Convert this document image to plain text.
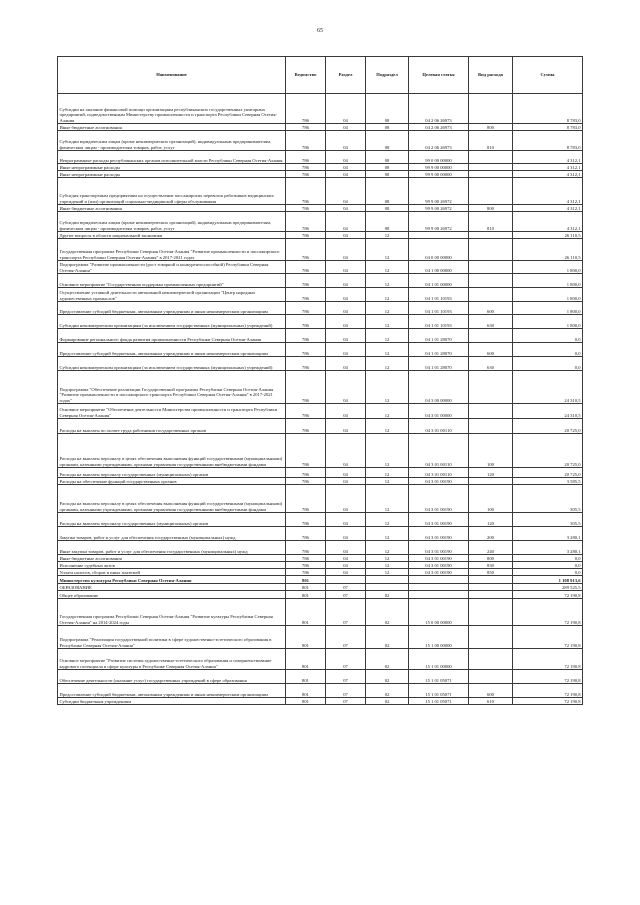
65
Наименование	Ведомство	Раздел	Подраздел	Целевая статья	Вид расхода	Сумма
Субсидии на оказание финансовой помощи организациям республиканских государственных унитарных предприятий, подведомственным Министерству промышленности и транспорта Республики Северная Осетия-Алания	786	04	08	04 2 06 26973		8 783,0
Иные бюджетные ассигнования	786	04	08	04 2 06 26973	800	8 783,0
Субсидии юридическим лицам (кроме некоммерческих организаций), индивидуальным предпринимателям, физическим лицам - производителям товаров, работ, услуг	786	04	08	04 2 06 26973	810	8 783,0
Непрограммные расходы республиканских органов исполнительной власти Республики Северная Осетия-Алания	786	04	08	99 0 00 00000		4 312,1
Иные непрограммные расходы	786	04	08	99 9 00 00000		4 312,1
Иные непрограммные расходы	786	04	08	99 9 00 00000		4 312,1
Субсидия транспортным предприятиям на осуществление пассажирских перевозок работников медицинских учреждений и (или) организаций социально-медицинской сферы обслуживания	786	04	08	99 9 00 26972		4 312,1
Иные бюджетные ассигнования	786	04	08	99 9 00 26972	800	4 312,1
Субсидии юридическим лицам (кроме некоммерческих организаций), индивидуальным предпринимателям, физическим лицам - производителям товаров, работ, услуг	786	04	08	99 9 00 26972	810	4 312,1
Другие вопросы в области национальной экономики	786	04	12			26 110,5
Государственная программа Республики Северная Осетия-Алания "Развитие промышленности и пассажирского транспорта Республики Северная Осетия-Алания" в 2017-2021 годах	786	04	12	04 0 00 00000		26 110,5
Подпрограмма "Развитие промышленности (рост товарной и конкурентоспособной) Республики Северная Осетия-Алания"	786	04	12	04 1 00 00000		1 800,0
Основное мероприятие "Государственная поддержка промышленных предприятий"	786	04	12	04 1 01 00000		1 800,0
Осуществление уставной деятельности автономной некоммерческой организации "Центр народных художественных промыслов"	786	04	12	04 1 01 10193		1 800,0
Предоставление субсидий бюджетным, автономным учреждениям и иным некоммерческим организациям	786	04	12	04 1 01 10193	600	1 800,0
Субсидии некоммерческим организациям (за исключением государственных (муниципальных) учреждений)	786	04	12	04 1 01 10193	630	1 800,0
Формирование регионального фонда развития промышленности Республики Северная Осетия-Алания	786	04	12	04 1 01 28070		0,0
Предоставление субсидий бюджетным, автономным учреждениям и иным некоммерческим организациям	786	04	12	04 1 01 28070	600	0,0
Субсидии некоммерческим организациям (за исключением государственных (муниципальных) учреждений)	786	04	12	04 1 01 28070	630	0,0
Подпрограмма "Обеспечение реализации Государственной программы Республики Северная Осетия-Алания "Развитие промышленности и пассажирского транспорта Республики Северная Осетия-Алания" в 2017-2021 годах"	786	04	12	04 3 00 00000		24 310,5
Основное мероприятие "Обеспечение деятельности Министерства промышленности и транспорта Республики Северная Осетия-Алания"	786	04	12	04 3 01 00000		24 310,5
Расходы на выплаты по оплате труда работников государственных органов	786	04	12	04 3 01 00110		20 725,0
Расходы на выплаты персоналу в целях обеспечения выполнения функций государственными (муниципальными) органами, казенными учреждениями, органами управления государственными внебюджетными фондами	786	04	12	04 3 01 00110	100	20 725,0
Расходы на выплаты персоналу государственных (муниципальных) органов	786	04	12	04 3 01 00110	120	20 725,0
Расходы на обеспечение функций государственных органов	786	04	12	04 3 01 00190		3 585,5
Расходы на выплаты персоналу в целях обеспечения выполнения функций государственными (муниципальными) органами, казенными учреждениями, органами управления государственными внебюджетными фондами	786	04	12	04 3 01 00190	100	305,5
Расходы на выплаты персоналу государственных (муниципальных) органов	786	04	12	04 3 01 00190	120	305,5
Закупка товаров, работ и услуг для обеспечения государственных (муниципальных) нужд	786	04	12	04 3 01 00190	200	3 280,1
Иные закупки товаров, работ и услуг для обеспечения государственных (муниципальных) нужд	786	04	12	04 3 01 00190	240	3 280,1
Иные бюджетные ассигнования	786	04	12	04 3 01 00190	800	0,0
Исполнение судебных актов	786	04	12	04 3 01 00190	830	0,0
Уплата налогов, сборов и иных платежей	786	04	12	04 3 01 00190	850	0,0
Министерство культуры Республики Северная Осетия-Алания	801					1 108 913,6
ОБРАЗОВАНИЕ	801	07				289 525,5
Общее образование	801	07	02			72 190,8
Государственная программа Республики Северная Осетия-Алания "Развитие культуры Республики Северная Осетия-Алания" на 2014-2024 годы	801	07	02	15 0 00 00000		72 190,8
Подпрограмма "Реализация государственной политики в сфере художественно-эстетического образования в Республике Северная Осетия-Алания"	801	07	02	15 1 00 00000		72 190,8
Основное мероприятие "Развитие системы художественно-эстетического образования и совершенствование кадрового потенциала в сфере культуры в Республике Северная Осетия-Алания"	801	07	02	15 1 01 00000		72 190,8
Обеспечение деятельности (оказание услуг) государственных учреждений в сфере образования	801	07	02	15 1 01 05071		72 190,8
Предоставление субсидий бюджетным, автономным учреждениям и иным некоммерческим организациям	801	07	02	15 1 01 05071	600	72 190,8
Субсидии бюджетным учреждениям	801	07	02	15 1 01 05071	610	72 190,8
